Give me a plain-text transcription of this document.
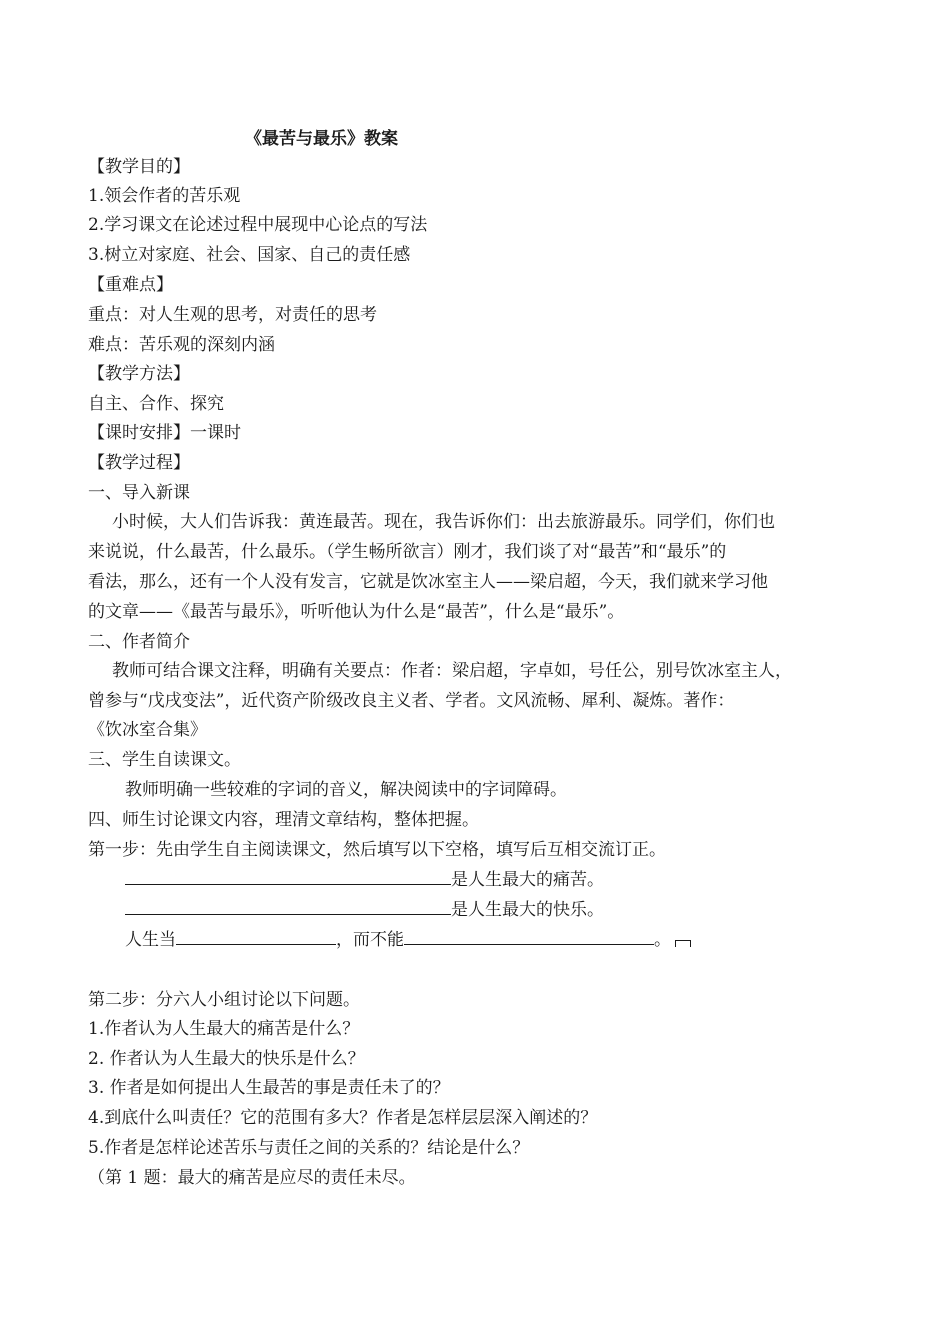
《最苦与最乐》教案
【教学目的】
1.领会作者的苦乐观
2.学习课文在论述过程中展现中心论点的写法
3.树立对家庭、社会、国家、自己的责任感
【重难点】
重点：对人生观的思考，对责任的思考
难点：苦乐观的深刻内涵
【教学方法】
自主、合作、探究
【课时安排】一课时
【教学过程】
一、导入新课
小时候，大人们告诉我：黄连最苦。现在，我告诉你们：出去旅游最乐。同学们，你们也
来说说，什么最苦，什么最乐。（学生畅所欲言）刚才，我们谈了对“最苦”和“最乐”的
看法，那么，还有一个人没有发言，它就是饮冰室主人——梁启超，今天，我们就来学习他
的文章——《最苦与最乐》，听听他认为什么是“最苦”，什么是“最乐”。
二、作者简介
教师可结合课文注释，明确有关要点：作者：梁启超，字卓如，号任公，别号饮冰室主人，
曾参与“戊戌变法”，近代资产阶级改良主义者、学者。文风流畅、犀利、凝炼。著作：
《饮冰室合集》
三、学生自读课文。
教师明确一些较难的字词的音义，解决阅读中的字词障碍。
四、师生讨论课文内容，理清文章结构，整体把握。
第一步：先由学生自主阅读课文，然后填写以下空格，填写后互相交流订正。
是人生最大的痛苦。
是人生最大的快乐。
人生当	，而不能	。
第二步：分六人小组讨论以下问题。
1.作者认为人生最大的痛苦是什么？
2. 作者认为人生最大的快乐是什么？
3. 作者是如何提出人生最苦的事是责任未了的？
4.到底什么叫责任？它的范围有多大？作者是怎样层层深入阐述的？
5.作者是怎样论述苦乐与责任之间的关系的？结论是什么？
（第 1 题：最大的痛苦是应尽的责任未尽。
